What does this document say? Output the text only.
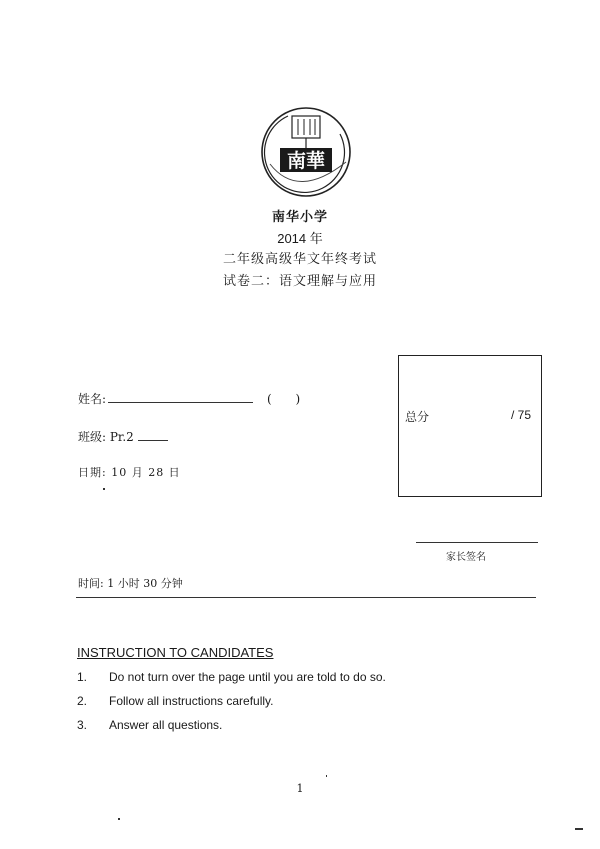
南華
南华小学
2014 年
二年级高级华文年终考试
试卷二：语文理解与应用
姓名:	( )
班级: Pr.2
日期: 10 月 28 日
总分	/ 75
家长签名
时间: 1 小时 30 分钟
INSTRUCTION TO CANDIDATES
1. Do not turn over the page until you are told to do so.
2. Follow all instructions carefully.
3. Answer all questions.
1
